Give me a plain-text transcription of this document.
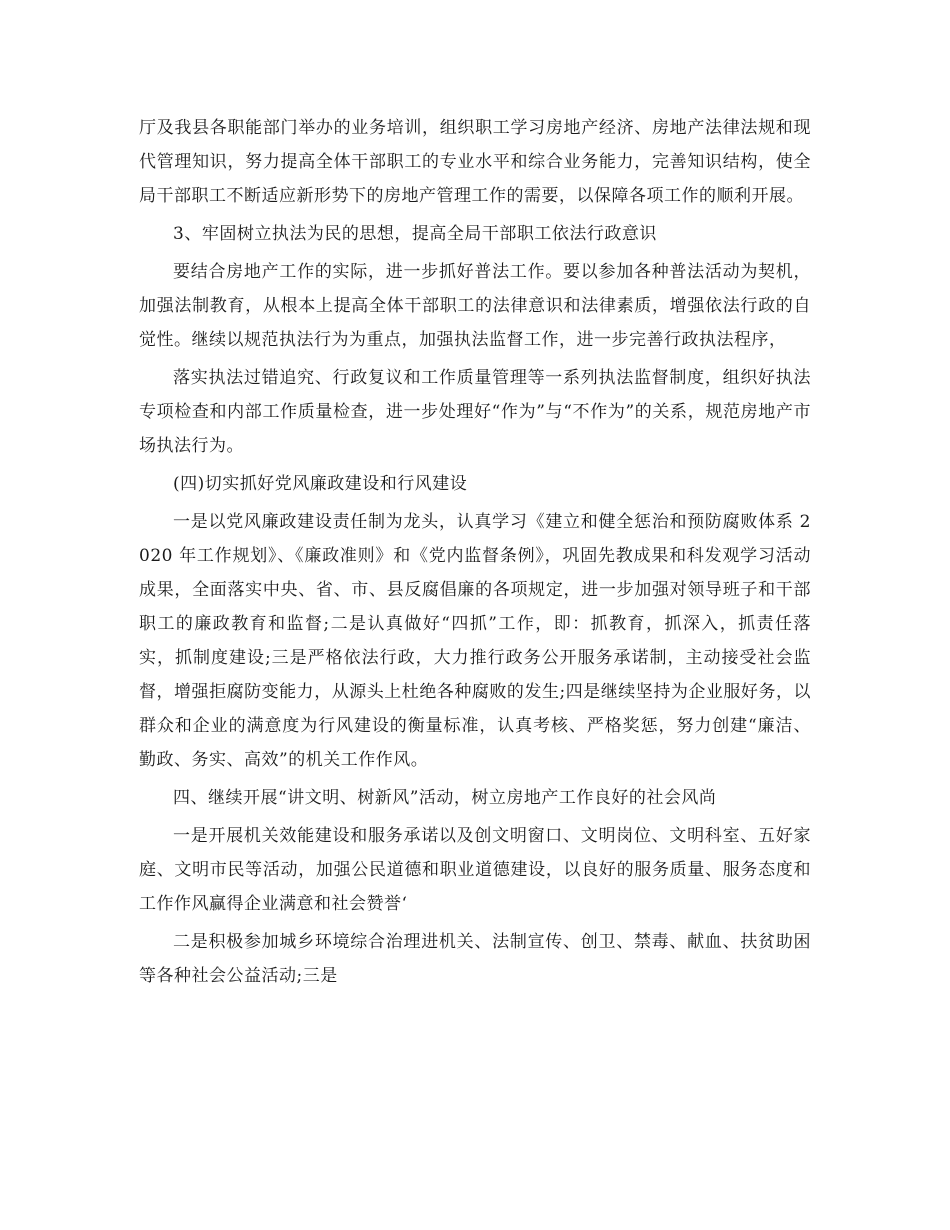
厅及我县各职能部门举办的业务培训，组织职工学习房地产经济、房地产法律法规和现代管理知识，努力提高全体干部职工的专业水平和综合业务能力，完善知识结构，使全局干部职工不断适应新形势下的房地产管理工作的需要，以保障各项工作的顺利开展。

3、牢固树立执法为民的思想，提高全局干部职工依法行政意识

要结合房地产工作的实际，进一步抓好普法工作。要以参加各种普法活动为契机，加强法制教育，从根本上提高全体干部职工的法律意识和法律素质，增强依法行政的自觉性。继续以规范执法行为为重点，加强执法监督工作，进一步完善行政执法程序，

落实执法过错追究、行政复议和工作质量管理等一系列执法监督制度，组织好执法专项检查和内部工作质量检查，进一步处理好“作为”与“不作为”的关系，规范房地产市场执法行为。

(四)切实抓好党风廉政建设和行风建设

一是以党风廉政建设责任制为龙头，认真学习《建立和健全惩治和预防腐败体系 2020 年工作规划》、《廉政准则》和《党内监督条例》，巩固先教成果和科发观学习活动成果，全面落实中央、省、市、县反腐倡廉的各项规定，进一步加强对领导班子和干部职工的廉政教育和监督;二是认真做好“四抓”工作，即：抓教育，抓深入，抓责任落实，抓制度建设;三是严格依法行政，大力推行政务公开服务承诺制，主动接受社会监督，增强拒腐防变能力，从源头上杜绝各种腐败的发生;四是继续坚持为企业服好务，以群众和企业的满意度为行风建设的衡量标准，认真考核、严格奖惩，努力创建“廉洁、勤政、务实、高效”的机关工作作风。

四、继续开展“讲文明、树新风”活动，树立房地产工作良好的社会风尚

一是开展机关效能建设和服务承诺以及创文明窗口、文明岗位、文明科室、五好家庭、文明市民等活动，加强公民道德和职业道德建设，以良好的服务质量、服务态度和工作作风赢得企业满意和社会赞誉‘

二是积极参加城乡环境综合治理进机关、法制宣传、创卫、禁毒、献血、扶贫助困等各种社会公益活动;三是
